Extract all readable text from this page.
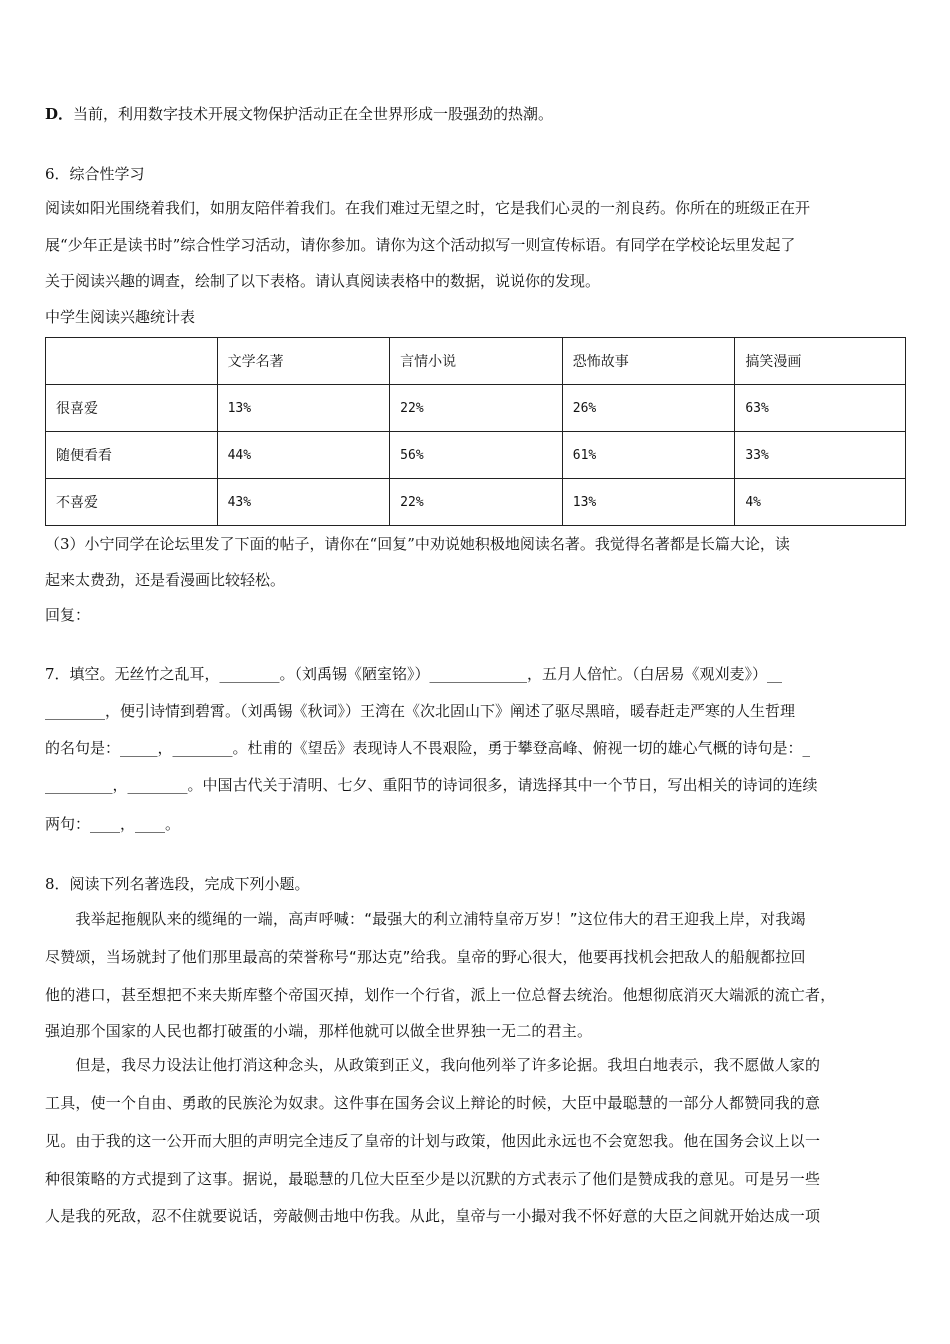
D．当前，利用数字技术开展文物保护活动正在全世界形成一股强劲的热潮。
6．综合性学习
阅读如阳光围绕着我们，如朋友陪伴着我们。在我们难过无望之时，它是我们心灵的一剂良药。你所在的班级正在开
展“少年正是读书时”综合性学习活动，请你参加。请你为这个活动拟写一则宣传标语。有同学在学校论坛里发起了
关于阅读兴趣的调查，绘制了以下表格。请认真阅读表格中的数据，说说你的发现。
中学生阅读兴趣统计表
	文学名著	言情小说	恐怖故事	搞笑漫画
很喜爱	13%	22%	26%	63%
随便看看	44%	56%	61%	33%
不喜爱	43%	22%	13%	4%
（3）小宁同学在论坛里发了下面的帖子，请你在“回复”中劝说她积极地阅读名著。我觉得名著都是长篇大论，读
起来太费劲，还是看漫画比较轻松。
回复：
7．填空。无丝竹之乱耳，________。（刘禹锡《陋室铭》）_____________，五月人倍忙。（白居易《观刈麦》）__
________，便引诗情到碧霄。（刘禹锡《秋词》）王湾在《次北固山下》阐述了驱尽黑暗，暖春赶走严寒的人生哲理
的名句是：_____，________。杜甫的《望岳》表现诗人不畏艰险，勇于攀登高峰、俯视一切的雄心气概的诗句是：_
_________，________。中国古代关于清明、七夕、重阳节的诗词很多，请选择其中一个节日，写出相关的诗词的连续
两句：____，____。
8．阅读下列名著选段，完成下列小题。
　　我举起拖舰队来的缆绳的一端，高声呼喊：“最强大的利立浦特皇帝万岁！”这位伟大的君王迎我上岸，对我竭
尽赞颂，当场就封了他们那里最高的荣誉称号“那达克”给我。皇帝的野心很大，他要再找机会把敌人的船舰都拉回
他的港口，甚至想把不来夫斯库整个帝国灭掉，划作一个行省，派上一位总督去统治。他想彻底消灭大端派的流亡者，
强迫那个国家的人民也都打破蛋的小端，那样他就可以做全世界独一无二的君主。
　　但是，我尽力设法让他打消这种念头，从政策到正义，我向他列举了许多论据。我坦白地表示，我不愿做人家的
工具，使一个自由、勇敢的民族沦为奴隶。这件事在国务会议上辩论的时候，大臣中最聪慧的一部分人都赞同我的意
见。由于我的这一公开而大胆的声明完全违反了皇帝的计划与政策，他因此永远也不会宽恕我。他在国务会议上以一
种很策略的方式提到了这事。据说，最聪慧的几位大臣至少是以沉默的方式表示了他们是赞成我的意见。可是另一些
人是我的死敌，忍不住就要说话，旁敲侧击地中伤我。从此，皇帝与一小撮对我不怀好意的大臣之间就开始达成一项
